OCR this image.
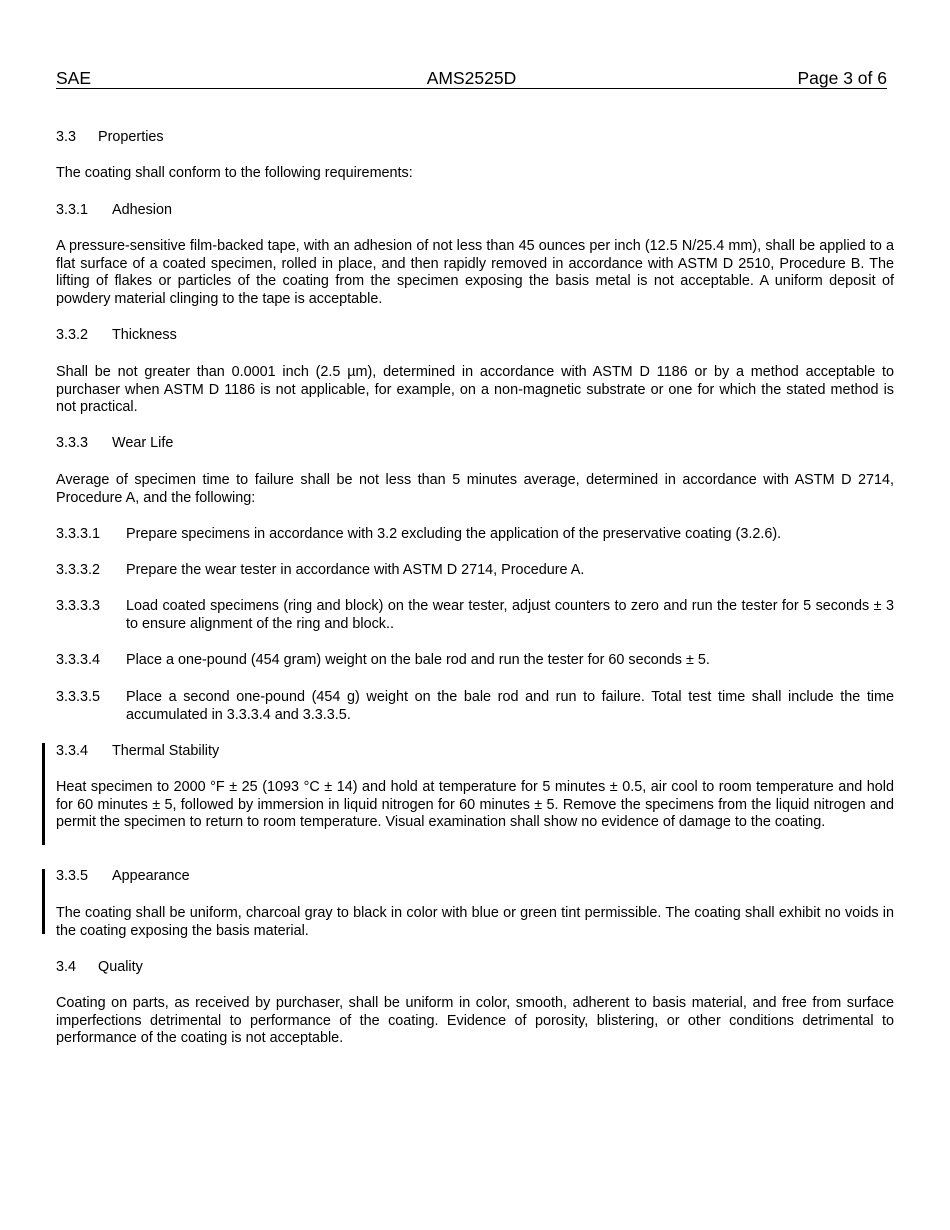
SAE	AMS2525D	Page 3 of 6
3.3 Properties
The coating shall conform to the following requirements:
3.3.1 Adhesion
A pressure-sensitive film-backed tape, with an adhesion of not less than 45 ounces per inch (12.5 N/25.4 mm), shall be applied to a flat surface of a coated specimen, rolled in place, and then rapidly removed in accordance with ASTM D 2510, Procedure B. The lifting of flakes or particles of the coating from the specimen exposing the basis metal is not acceptable. A uniform deposit of powdery material clinging to the tape is acceptable.
3.3.2 Thickness
Shall be not greater than 0.0001 inch (2.5 µm), determined in accordance with ASTM D 1186 or by a method acceptable to purchaser when ASTM D 1186 is not applicable, for example, on a non-magnetic substrate or one for which the stated method is not practical.
3.3.3 Wear Life
Average of specimen time to failure shall be not less than 5 minutes average, determined in accordance with ASTM D 2714, Procedure A, and the following:
3.3.3.1 Prepare specimens in accordance with 3.2 excluding the application of the preservative coating (3.2.6).
3.3.3.2 Prepare the wear tester in accordance with ASTM D 2714, Procedure A.
3.3.3.3 Load coated specimens (ring and block) on the wear tester, adjust counters to zero and run the tester for 5 seconds ± 3 to ensure alignment of the ring and block..
3.3.3.4 Place a one-pound (454 gram) weight on the bale rod and run the tester for 60 seconds ± 5.
3.3.3.5 Place a second one-pound (454 g) weight on the bale rod and run to failure. Total test time shall include the time accumulated in 3.3.3.4 and 3.3.3.5.
3.3.4 Thermal Stability
Heat specimen to 2000 °F ± 25 (1093 °C ± 14) and hold at temperature for 5 minutes ± 0.5, air cool to room temperature and hold for 60 minutes ± 5, followed by immersion in liquid nitrogen for 60 minutes ± 5. Remove the specimens from the liquid nitrogen and permit the specimen to return to room temperature. Visual examination shall show no evidence of damage to the coating.
3.3.5 Appearance
The coating shall be uniform, charcoal gray to black in color with blue or green tint permissible. The coating shall exhibit no voids in the coating exposing the basis material.
3.4 Quality
Coating on parts, as received by purchaser, shall be uniform in color, smooth, adherent to basis material, and free from surface imperfections detrimental to performance of the coating. Evidence of porosity, blistering, or other conditions detrimental to performance of the coating is not acceptable.
